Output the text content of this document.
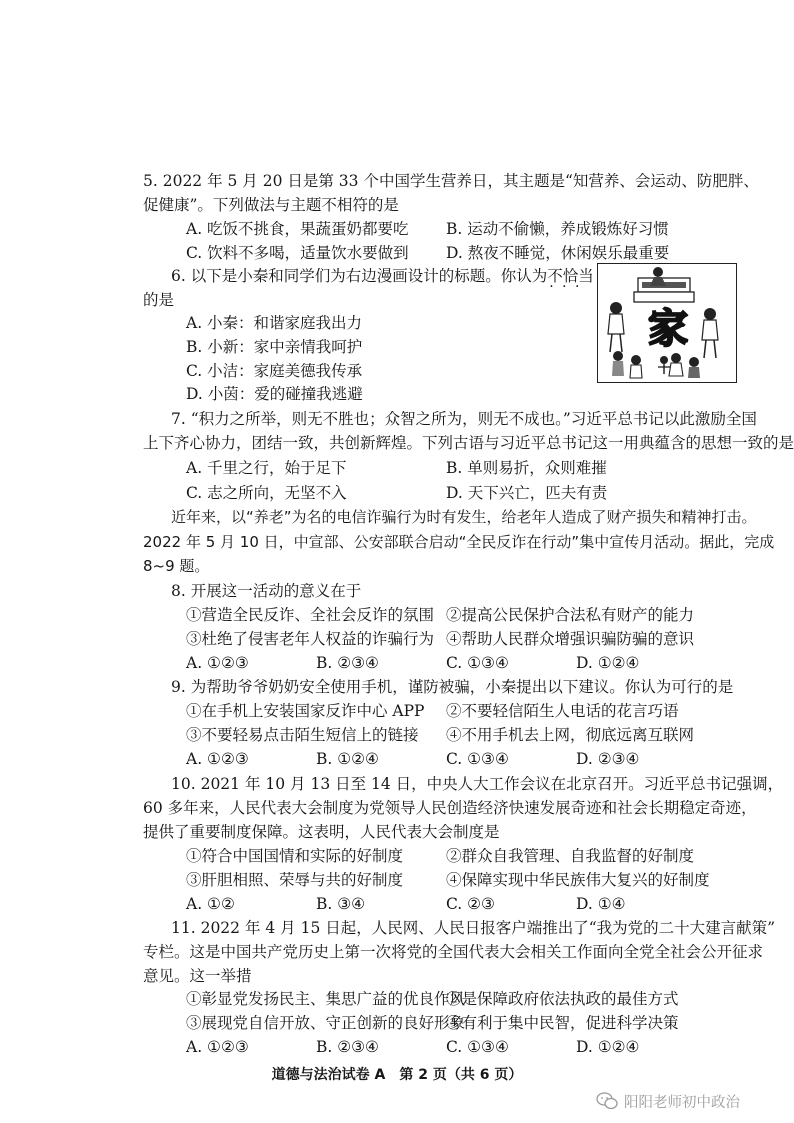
5. 2022 年 5 月 20 日是第 33 个中国学生营养日，其主题是“知营养、会运动、防肥胖、
促健康”。下列做法与主题不相符的是
A. 吃饭不挑食，果蔬蛋奶都要吃 B. 运动不偷懒，养成锻炼好习惯
C. 饮料不多喝，适量饮水要做到 D. 熬夜不睡觉，休闲娱乐最重要
6. 以下是小秦和同学们为右边漫画设计的标题。你认为不恰当 · · ·
的是
A. 小秦：和谐家庭我出力
B. 小新：家中亲情我呵护
C. 小洁：家庭美德我传承
D. 小茵：爱的碰撞我逃避
家
7. “积力之所举，则无不胜也；众智之所为，则无不成也。”习近平总书记以此激励全国
上下齐心协力，团结一致，共创新辉煌。下列古语与习近平总书记这一用典蕴含的思想一致的是
A. 千里之行，始于足下	B. 单则易折，众则难摧
C. 志之所向，无坚不入	D. 天下兴亡，匹夫有责
近年来，以“养老”为名的电信诈骗行为时有发生，给老年人造成了财产损失和精神打击。
2022 年 5 月 10 日，中宣部、公安部联合启动“全民反诈在行动”集中宣传月活动。据此，完成
8~9 题。
8. 开展这一活动的意义在于
①营造全民反诈、全社会反诈的氛围 ②提高公民保护合法私有财产的能力
③杜绝了侵害老年人权益的诈骗行为 ④帮助人民群众增强识骗防骗的意识
A. ①②③	B. ②③④	C. ①③④	D. ①②④
9. 为帮助爷爷奶奶安全使用手机，谨防被骗，小秦提出以下建议。你认为可行的是
①在手机上安装国家反诈中心 APP ②不要轻信陌生人电话的花言巧语
③不要轻易点击陌生短信上的链接 ④不用手机去上网，彻底远离互联网
A. ①②③	B. ①②④	C. ①③④	D. ②③④
10. 2021 年 10 月 13 日至 14 日，中央人大工作会议在北京召开。习近平总书记强调，
60 多年来，人民代表大会制度为党领导人民创造经济快速发展奇迹和社会长期稳定奇迹，
提供了重要制度保障。这表明，人民代表大会制度是
①符合中国国情和实际的好制度	②群众自我管理、自我监督的好制度
③肝胆相照、荣辱与共的好制度	④保障实现中华民族伟大复兴的好制度
A. ①②	B. ③④	C. ②③	D. ①④
11. 2022 年 4 月 15 日起，人民网、人民日报客户端推出了“我为党的二十大建言献策”
专栏。这是中国共产党历史上第一次将党的全国代表大会相关工作面向全党全社会公开征求
意见。这一举措
①彰显党发扬民主、集思广益的优良作风
②是保障政府依法执政的最佳方式
③展现党自信开放、守正创新的良好形象
④有利于集中民智，促进科学决策
A. ①②③	B. ②③④	C. ①③④	D. ①②④
道德与法治试卷 A　第 2 页（共 6 页）
阳阳老师初中政治
